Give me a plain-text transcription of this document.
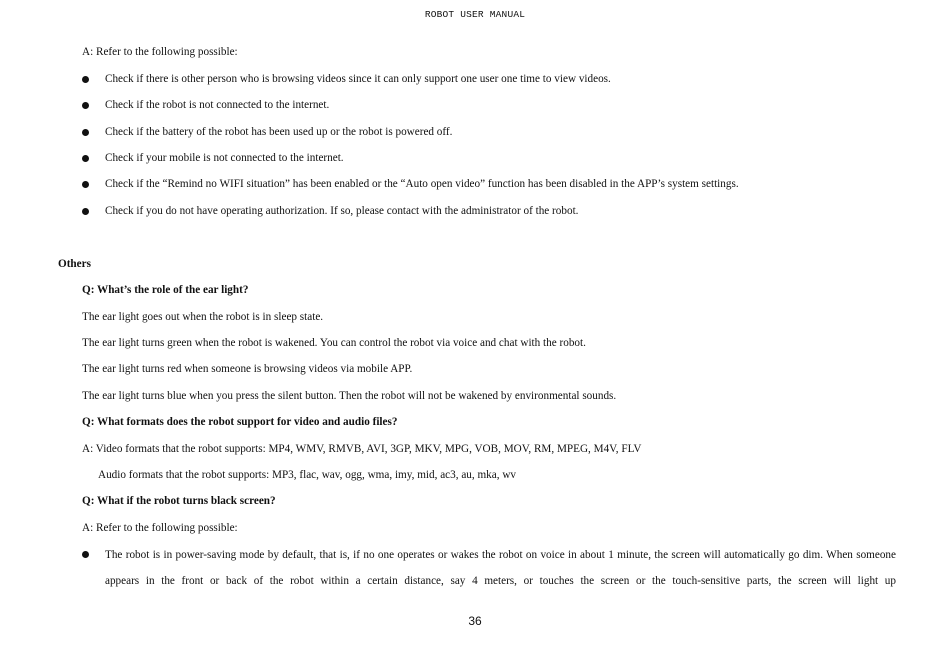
ROBOT USER MANUAL
A: Refer to the following possible:
Check if there is other person who is browsing videos since it can only support one user one time to view videos.
Check if the robot is not connected to the internet.
Check if the battery of the robot has been used up or the robot is powered off.
Check if your mobile is not connected to the internet.
Check if the “Remind no WIFI situation” has been enabled or the “Auto open video” function has been disabled in the APP’s system settings.
Check if you do not have operating authorization. If so, please contact with the administrator of the robot.
Others
Q: What’s the role of the ear light?
The ear light goes out when the robot is in sleep state.
The ear light turns green when the robot is wakened. You can control the robot via voice and chat with the robot.
The ear light turns red when someone is browsing videos via mobile APP.
The ear light turns blue when you press the silent button. Then the robot will not be wakened by environmental sounds.
Q: What formats does the robot support for video and audio files?
A: Video formats that the robot supports: MP4, WMV, RMVB, AVI, 3GP, MKV, MPG, VOB, MOV, RM, MPEG, M4V, FLV
Audio formats that the robot supports: MP3, flac, wav, ogg, wma, imy, mid, ac3, au, mka, wv
Q: What if the robot turns black screen?
A: Refer to the following possible:
The robot is in power-saving mode by default, that is, if no one operates or wakes the robot on voice in about 1 minute, the screen will automatically go dim. When someone appears in the front or back of the robot within a certain distance, say 4 meters, or touches the screen or the touch-sensitive parts, the screen will light up
36
